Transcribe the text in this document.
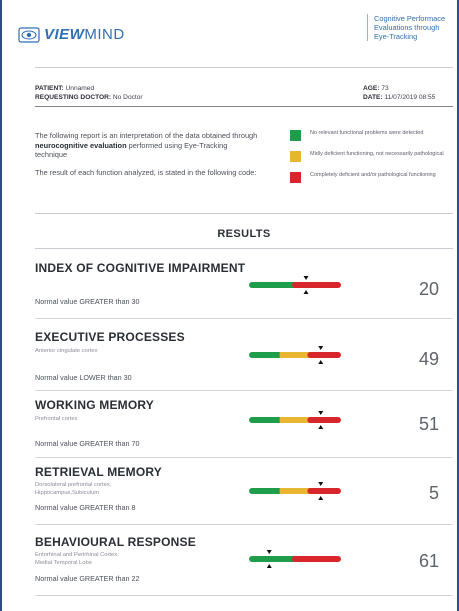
VIEWMIND
Cognitive Performace Evaluations through Eye-Tracking
PATIENT: Unnamed
REQUESTING DOCTOR: No Doctor
AGE: 73
DATE: 11/07/2019 08:55

The following report is an interpretation of the data obtained through neurocognitive evaluation performed using Eye-Tracking technique

The result of each function analyzed, is stated in the following code:

No relevant functional problems were detected
Midly deficient functioning, not necessarily pathological
Completely deficient and/or pathological functioning
RESULTS
INDEX OF COGNITIVE IMPAIRMENT
Normal value GREATER than 30
20
EXECUTIVE PROCESSES
Anterior cingulate cortex
Normal value LOWER than 30
49
WORKING MEMORY
Prefrontal cortex
Normal value GREATER than 70
51
RETRIEVAL MEMORY
Dorsolateral prefrontal cortex,
Hippocampus,Subiculum
Normal value GREATER than 8
5
BEHAVIOURAL RESPONSE
Entorhinal and Perirhinal Cortex.
Medial Temporal Lobe
Normal value GREATER than 22
61
